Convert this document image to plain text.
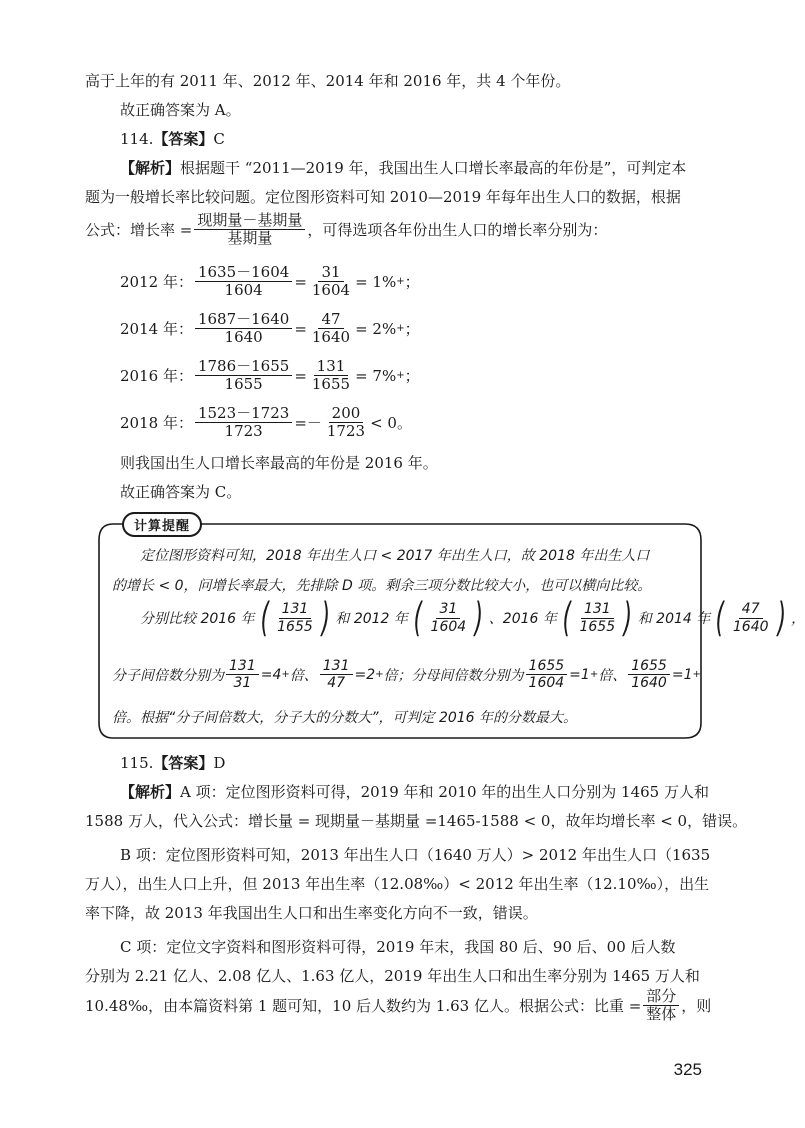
高于上年的有 2011 年、2012 年、2014 年和 2016 年，共 4 个年份。
故正确答案为 A。
114.【答案】C
【解析】根据题干 “2011—2019 年，我国出生人口增长率最高的年份是”，可判定本
题为一般增长率比较问题。定位图形资料可知 2010—2019 年每年出生人口的数据，根据
公式：增长率 = $\frac{\text{现期量－基期量}}{\text{基期量}}$ ，可得选项各年份出生人口的增长率分别为：
2012 年： $\frac{1635-1604}{1604} = \frac{31}{1604} = 1\%$ + ；
2014 年： $\frac{1687-1640}{1640} = \frac{47}{1640} = 2\%$ + ；
2016 年： $\frac{1786-1655}{1655} = \frac{131}{1655} = 7\%$ + ；
2018 年： $\frac{1523-1723}{1723} =- \frac{200}{1723} < 0$。
则我国出生人口增长率最高的年份是 2016 年。
故正确答案为 C。
计算提醒
定位图形资料可知，2018 年出生人口 < 2017 年出生人口，故 2018 年出生人口
的增长 < 0，问增长率最大，先排除 D 项。剩余三项分数比较大小，也可以横向比较。
分别比较 2016 年 ( $\frac{131}{1655}$ ) 和 2012 年 ( $\frac{31}{1604}$ ) 、2016 年 ( $\frac{131}{1655}$ ) 和 2014 年 ( $\frac{47}{1640}$ ) ，
分子间倍数分别为 $\frac{131}{31} =4$ + 倍、 $\frac{131}{47} =2$ + 倍；分母间倍数分别为 $\frac{1655}{1604} =1$ + 倍、 $\frac{1655}{1640} =1$ +
倍。根据“分子间倍数大，分子大的分数大”，可判定 2016 年的分数最大。
115.【答案】D
【解析】A 项：定位图形资料可得，2019 年和 2010 年的出生人口分别为 1465 万人和
1588 万人，代入公式：增长量 = 现期量－基期量 =1465-1588 < 0，故年均增长率 < 0，错误。
B 项：定位图形资料可知，2013 年出生人口（1640 万人）> 2012 年出生人口（1635
万人），出生人口上升，但 2013 年出生率（12.08‰）< 2012 年出生率（12.10‰），出生
率下降，故 2013 年我国出生人口和出生率变化方向不一致，错误。
C 项：定位文字资料和图形资料可得，2019 年末，我国 80 后、90 后、00 后人数
分别为 2.21 亿人、2.08 亿人、1.63 亿人，2019 年出生人口和出生率分别为 1465 万人和
10.48‰，由本篇资料第 1 题可知，10 后人数约为 1.63 亿人。根据公式：比重 = $\frac{\text{部分}}{\text{整体}}$ ，则
325
